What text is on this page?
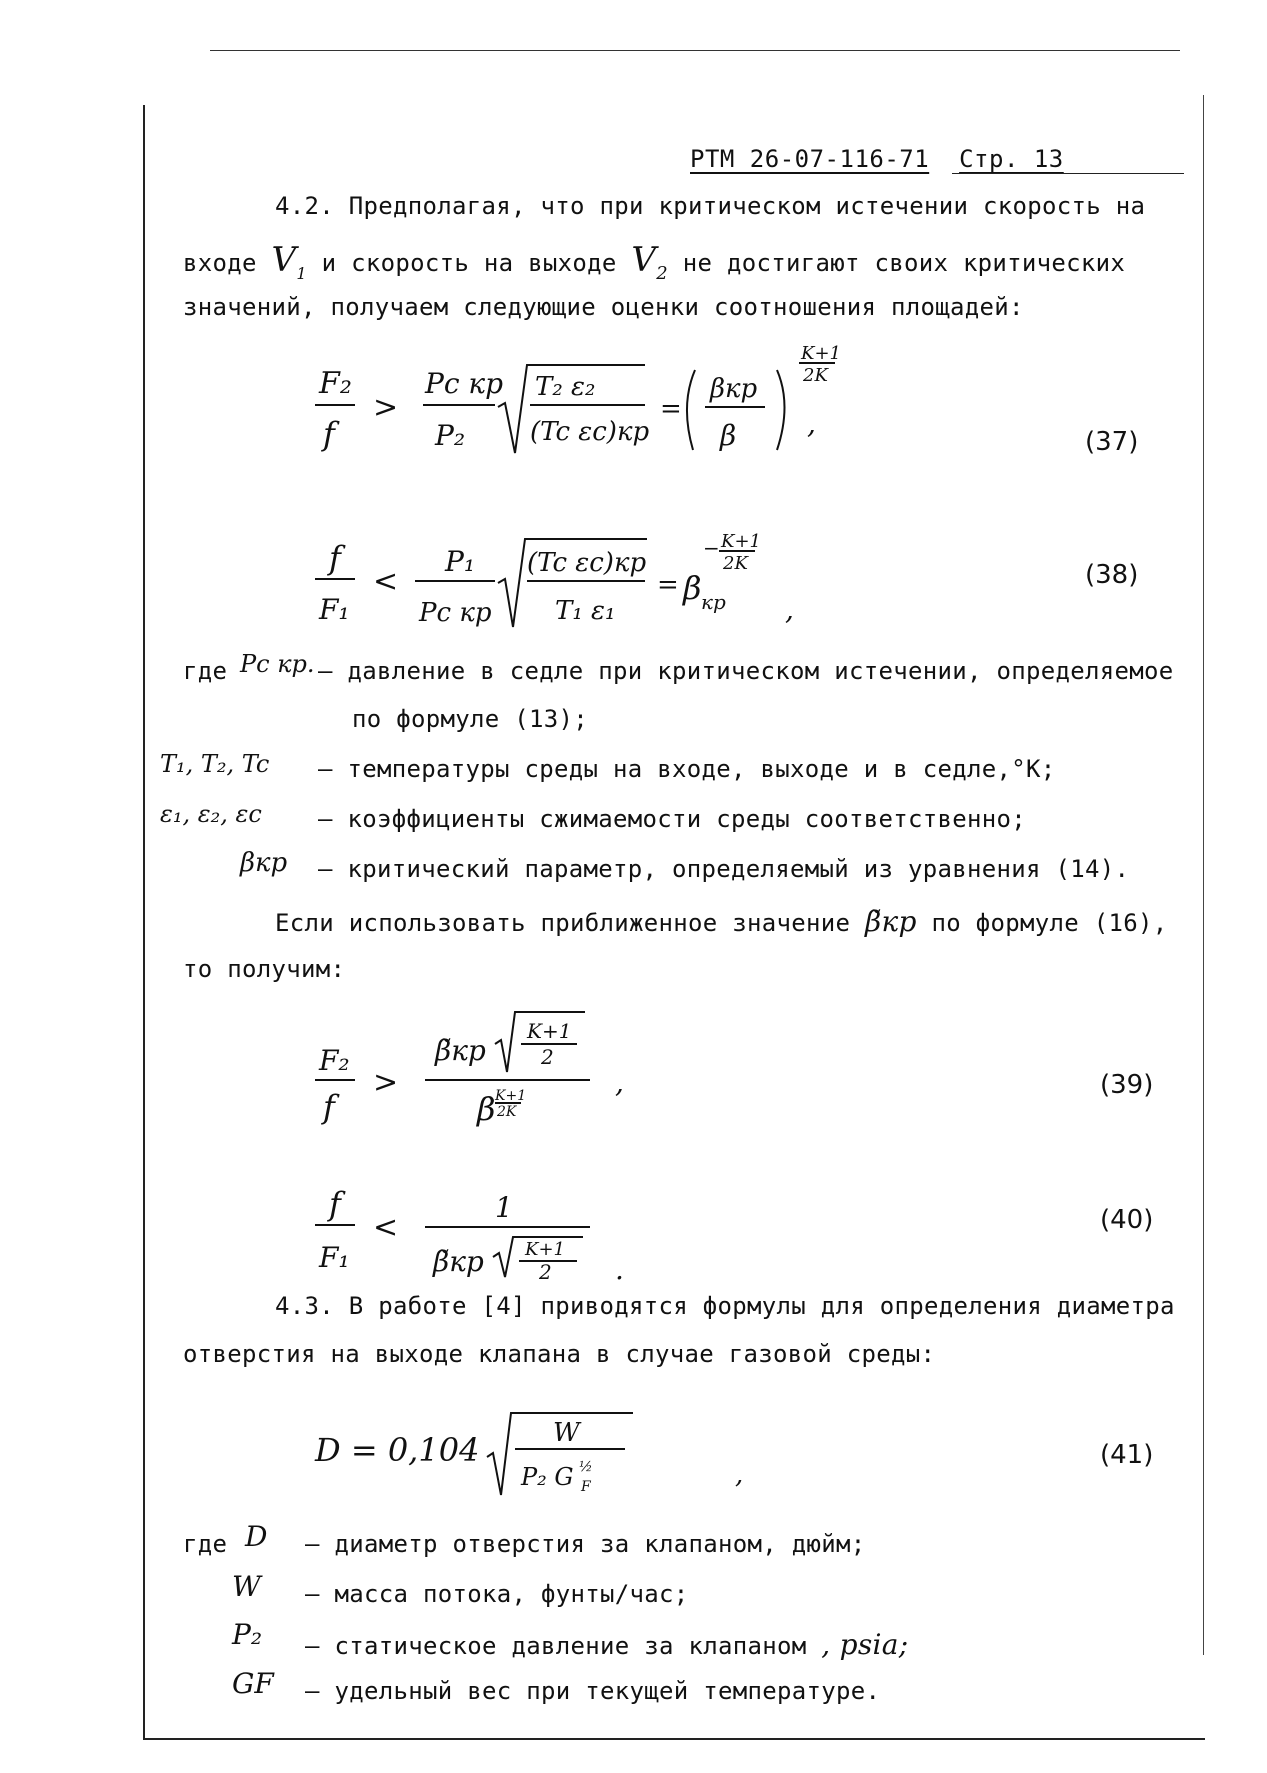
РТМ 26-07-116-71 Стр. 13
4.2. Предполагая, что при критическом истечении скорость на
входе $V_1$ и скорость на выходе $V_2$ не достигают своих критических
значений, получаем следующие оценки соотношения площадей:
F₂
f
>
Pc кр
P₂
T₂ ε₂
(Tc εc)кр
=
βкр
β
K+1
2K
,
(37)
f
F₁
<
P₁
Pc кр
(Tc εc)кр
T₁ ε₁
= β кр
− K+1
2K
,
(38)
где Pc кр. – давление в седле при критическом истечении, определяемое
по формуле (13);
T₁, T₂, Tc – температуры среды на входе, выходе и в седле,°К;
ε₁, ε₂, εc – коэффициенты сжимаемости среды соответственно;
βкр – критический параметр, определяемый из уравнения (14).
Если использовать приближенное значение β̃кр по формуле (16),
то получим:
F₂
f
>
β̃кр
K+1
2
β K+1
2K
,	(39)
f
F₁
<
1
β̃кр K+1
2 .
(40)
4.3. В работе [4] приводятся формулы для определения диаметра
отверстия на выходе клапана в случае газовой среды:
D = 0,104	W
P₂ G ½
F	,
(41)
где D – диаметр отверстия за клапаном, дюйм;
W – масса потока, фунты/час;
P₂ – статическое давление за клапаном , psia;
GF – удельный вес при текущей температуре.
